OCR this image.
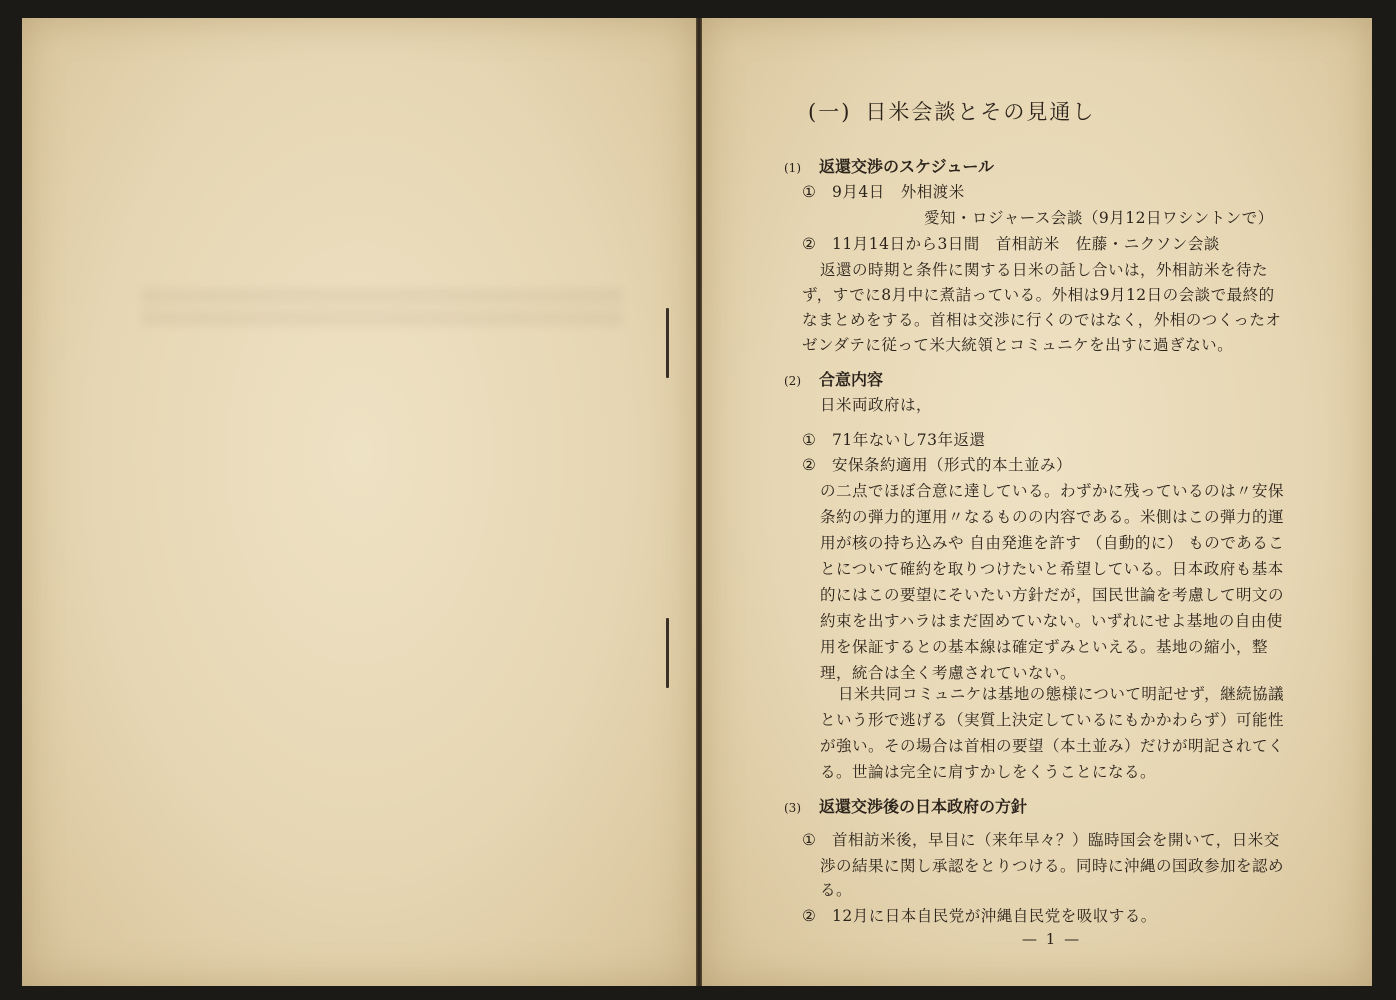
(一) 日米会談とその見通し
(1) 返還交渉のスケジュール
① 9月4日　外相渡米
愛知・ロジャース会談（9月12日ワシントンで）
② 11月14日から3日間　首相訪米　佐藤・ニクソン会談
返還の時期と条件に関する日米の話し合いは，外相訪米を待た
ず，すでに8月中に煮詰っている。外相は9月12日の会談で最終的
なまとめをする。首相は交渉に行くのではなく，外相のつくったオ
ゼンダテに従って米大統領とコミュニケを出すに過ぎない。
(2) 合意内容
日米両政府は，
① 71年ないし73年返還
② 安保条約適用（形式的本土並み）
の二点でほぼ合意に達している。わずかに残っているのは〃安保
条約の弾力的運用〃なるものの内容である。米側はこの弾力的運
用が核の持ち込みや 自由発進を許す （自動的に） ものであるこ
とについて確約を取りつけたいと希望している。日本政府も基本
的にはこの要望にそいたい方針だが，国民世論を考慮して明文の
約束を出すハラはまだ固めていない。いずれにせよ基地の自由使
用を保証するとの基本線は確定ずみといえる。基地の縮小，整
理，統合は全く考慮されていない。
日米共同コミュニケは基地の態様について明記せず，継続協議
という形で逃げる（実質上決定しているにもかかわらず）可能性
が強い。その場合は首相の要望（本土並み）だけが明記されてく
る。世論は完全に肩すかしをくうことになる。
(3) 返還交渉後の日本政府の方針
① 首相訪米後，早目に（来年早々？）臨時国会を開いて，日米交
渉の結果に関し承認をとりつける。同時に沖縄の国政参加を認め
る。
② 12月に日本自民党が沖縄自民党を吸収する。
— 1 —
